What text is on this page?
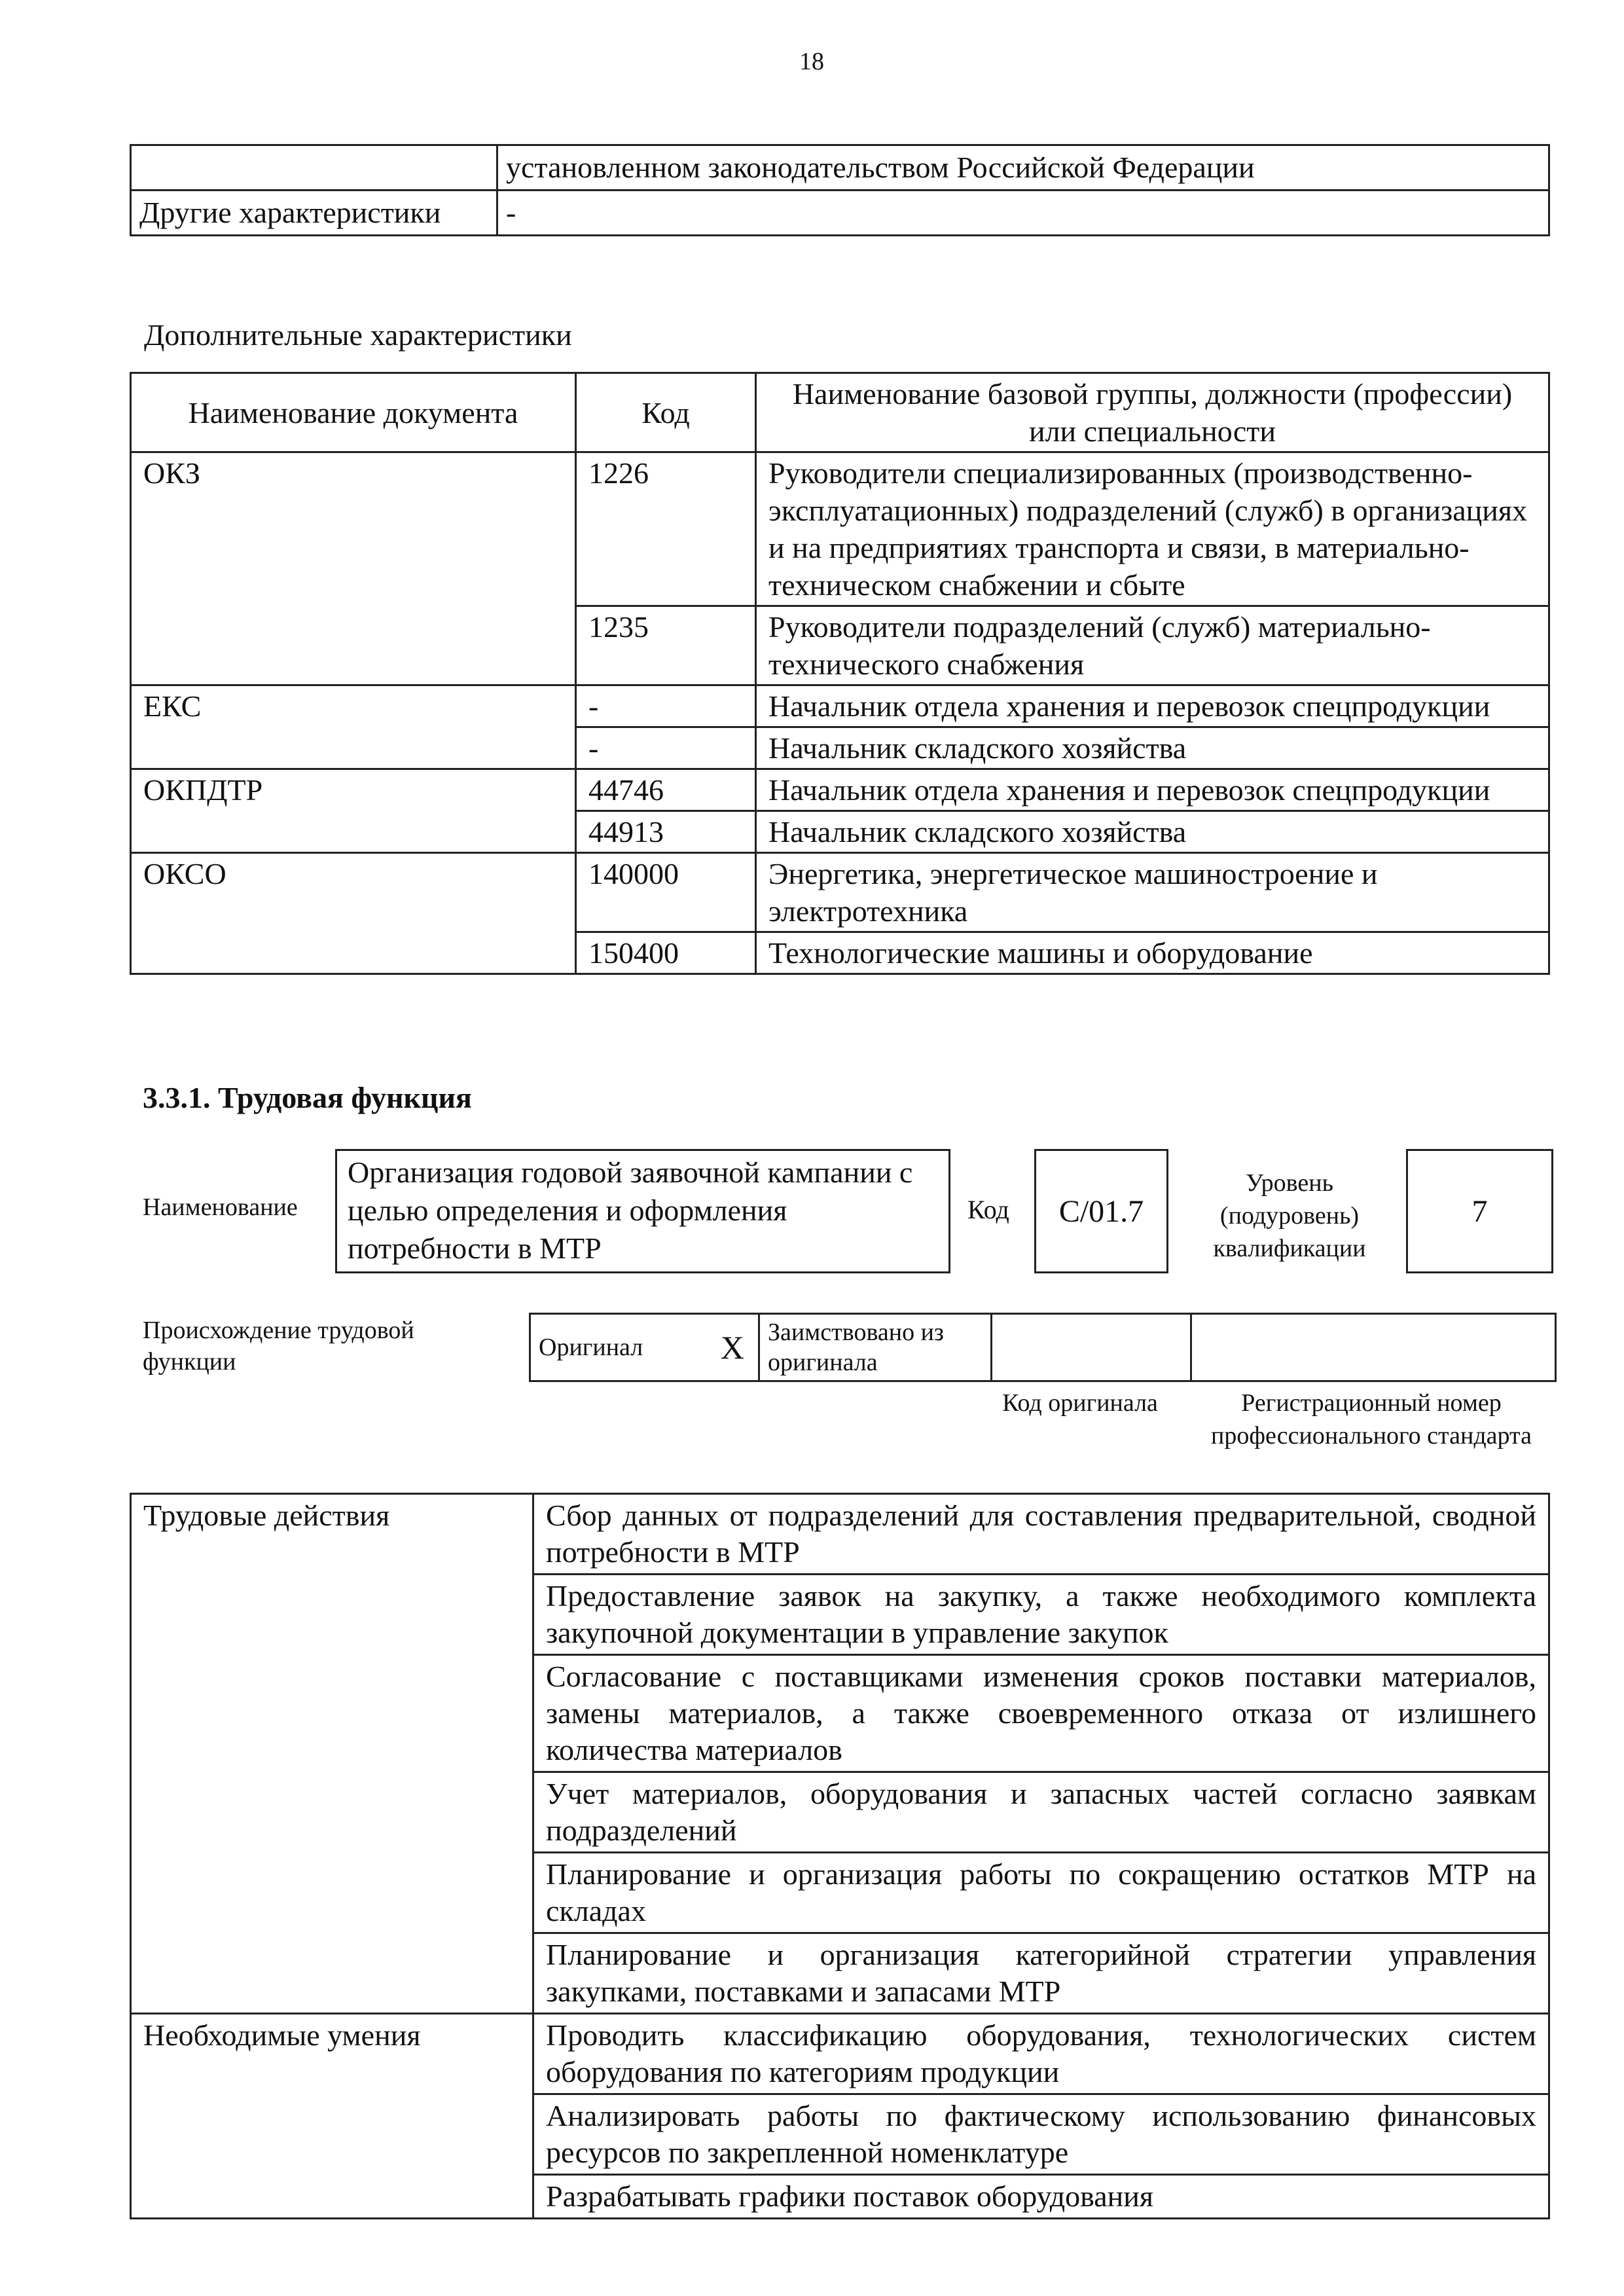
18
	установленном законодательством Российской Федерации
Другие характеристики	-
Дополнительные характеристики
Наименование документа	Код	Наименование базовой группы, должности (профессии) или специальности
ОКЗ	1226	Руководители специализированных (производственно-эксплуатационных) подразделений (служб) в организациях и на предприятиях транспорта и связи, в материально-техническом снабжении и сбыте
	1235	Руководители подразделений (служб) материально-технического снабжения
ЕКС	-	Начальник отдела хранения и перевозок спецпродукции
	-	Начальник складского хозяйства
ОКПДТР	44746	Начальник отдела хранения и перевозок спецпродукции
	44913	Начальник складского хозяйства
ОКСО	140000	Энергетика, энергетическое машиностроение и электротехника
	150400	Технологические машины и оборудование
3.3.1. Трудовая функция
Наименование
Организация годовой заявочной кампании с целью определения и оформления потребности в МТР
Код	C/01.7
Уровень (подуровень) квалификации
7
Происхождение трудовой функции
Оригинал	X	Заимствовано из оригинала		
Код оригинала	Регистрационный номер профессионального стандарта
Трудовые действия	Сбор данных от подразделений для составления предварительной, сводной потребности в МТР
	Предоставление заявок на закупку, а также необходимого комплекта закупочной документации в управление закупок
	Согласование с поставщиками изменения сроков поставки материалов, замены материалов, а также своевременного отказа от излишнего количества материалов
	Учет материалов, оборудования и запасных частей согласно заявкам подразделений
	Планирование и организация работы по сокращению остатков МТР на складах
	Планирование и организация категорийной стратегии управления закупками, поставками и запасами МТР
Необходимые умения	Проводить классификацию оборудования, технологических систем оборудования по категориям продукции
	Анализировать работы по фактическому использованию финансовых ресурсов по закрепленной номенклатуре
	Разрабатывать графики поставок оборудования
